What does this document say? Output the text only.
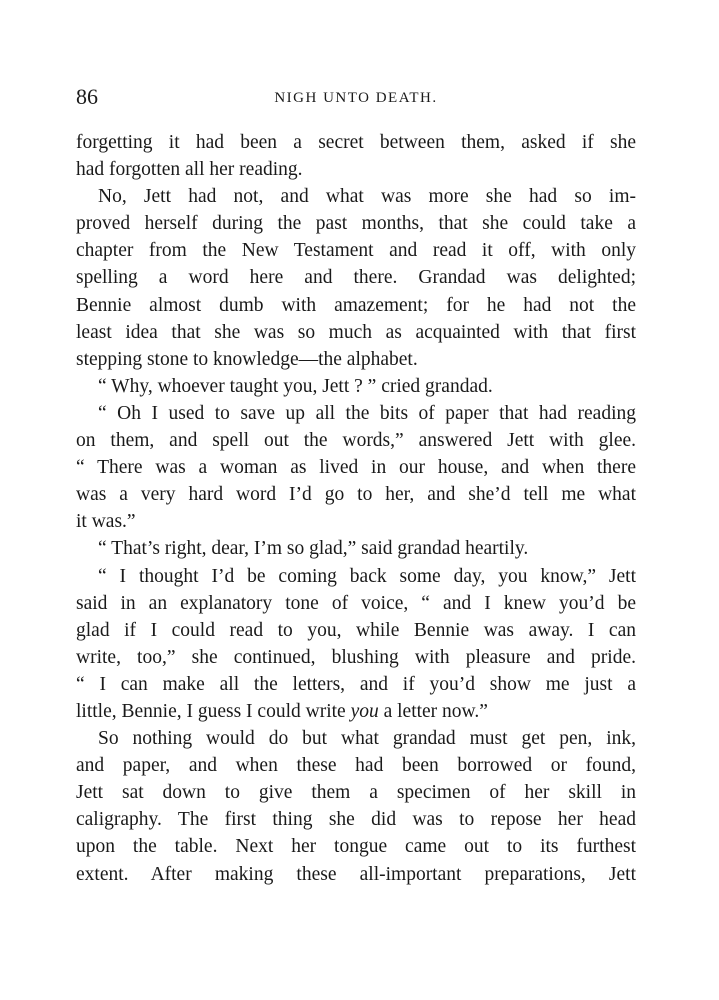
86	NIGH UNTO DEATH.

forgetting it had been a secret between them, asked if she
had forgotten all her reading.

No, Jett had not, and what was more she had so im-
proved herself during the past months, that she could take a
chapter from the New Testament and read it off, with only
spelling a word here and there. Grandad was delighted;
Bennie almost dumb with amazement; for he had not the
least idea that she was so much as acquainted with that first
stepping stone to knowledge—the alphabet.

“ Why, whoever taught you, Jett ? ” cried grandad.

“ Oh I used to save up all the bits of paper that had reading
on them, and spell out the words,” answered Jett with glee.
“ There was a woman as lived in our house, and when there
was a very hard word I’d go to her, and she’d tell me what
it was.”

“ That’s right, dear, I’m so glad,” said grandad heartily.

“ I thought I’d be coming back some day, you know,” Jett
said in an explanatory tone of voice, “ and I knew you’d be
glad if I could read to you, while Bennie was away. I can
write, too,” she continued, blushing with pleasure and pride.
“ I can make all the letters, and if you’d show me just a
little, Bennie, I guess I could write you a letter now.”

So nothing would do but what grandad must get pen, ink,
and paper, and when these had been borrowed or found,
Jett sat down to give them a specimen of her skill in
caligraphy. The first thing she did was to repose her head
upon the table. Next her tongue came out to its furthest
extent. After making these all-important preparations, Jett
